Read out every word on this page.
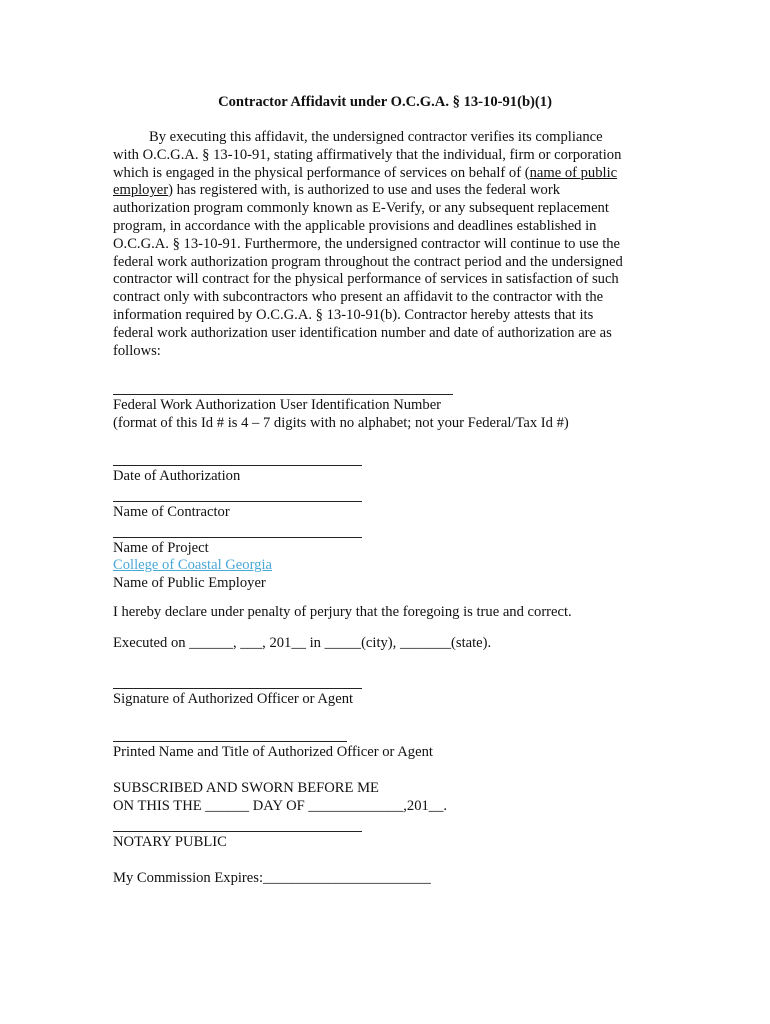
Contractor Affidavit under O.C.G.A. § 13-10-91(b)(1)
By executing this affidavit, the undersigned contractor verifies its compliance
with O.C.G.A. § 13-10-91, stating affirmatively that the individual, firm or corporation
which is engaged in the physical performance of services on behalf of (name of public
employer) has registered with, is authorized to use and uses the federal work
authorization program commonly known as E-Verify, or any subsequent replacement
program, in accordance with the applicable provisions and deadlines established in
O.C.G.A. § 13-10-91. Furthermore, the undersigned contractor will continue to use the
federal work authorization program throughout the contract period and the undersigned
contractor will contract for the physical performance of services in satisfaction of such
contract only with subcontractors who present an affidavit to the contractor with the
information required by O.C.G.A. § 13-10-91(b). Contractor hereby attests that its
federal work authorization user identification number and date of authorization are as
follows:
Federal Work Authorization User Identification Number
(format of this Id # is 4 – 7 digits with no alphabet; not your Federal/Tax Id #)
Date of Authorization
Name of Contractor
Name of Project
College of Coastal Georgia
Name of Public Employer
I hereby declare under penalty of perjury that the foregoing is true and correct.
Executed on ______, ___, 201__ in _____(city), _______(state).
Signature of Authorized Officer or Agent
Printed Name and Title of Authorized Officer or Agent
SUBSCRIBED AND SWORN BEFORE ME
ON THIS THE ______ DAY OF _____________,201__.
NOTARY PUBLIC
My Commission Expires:_______________________
